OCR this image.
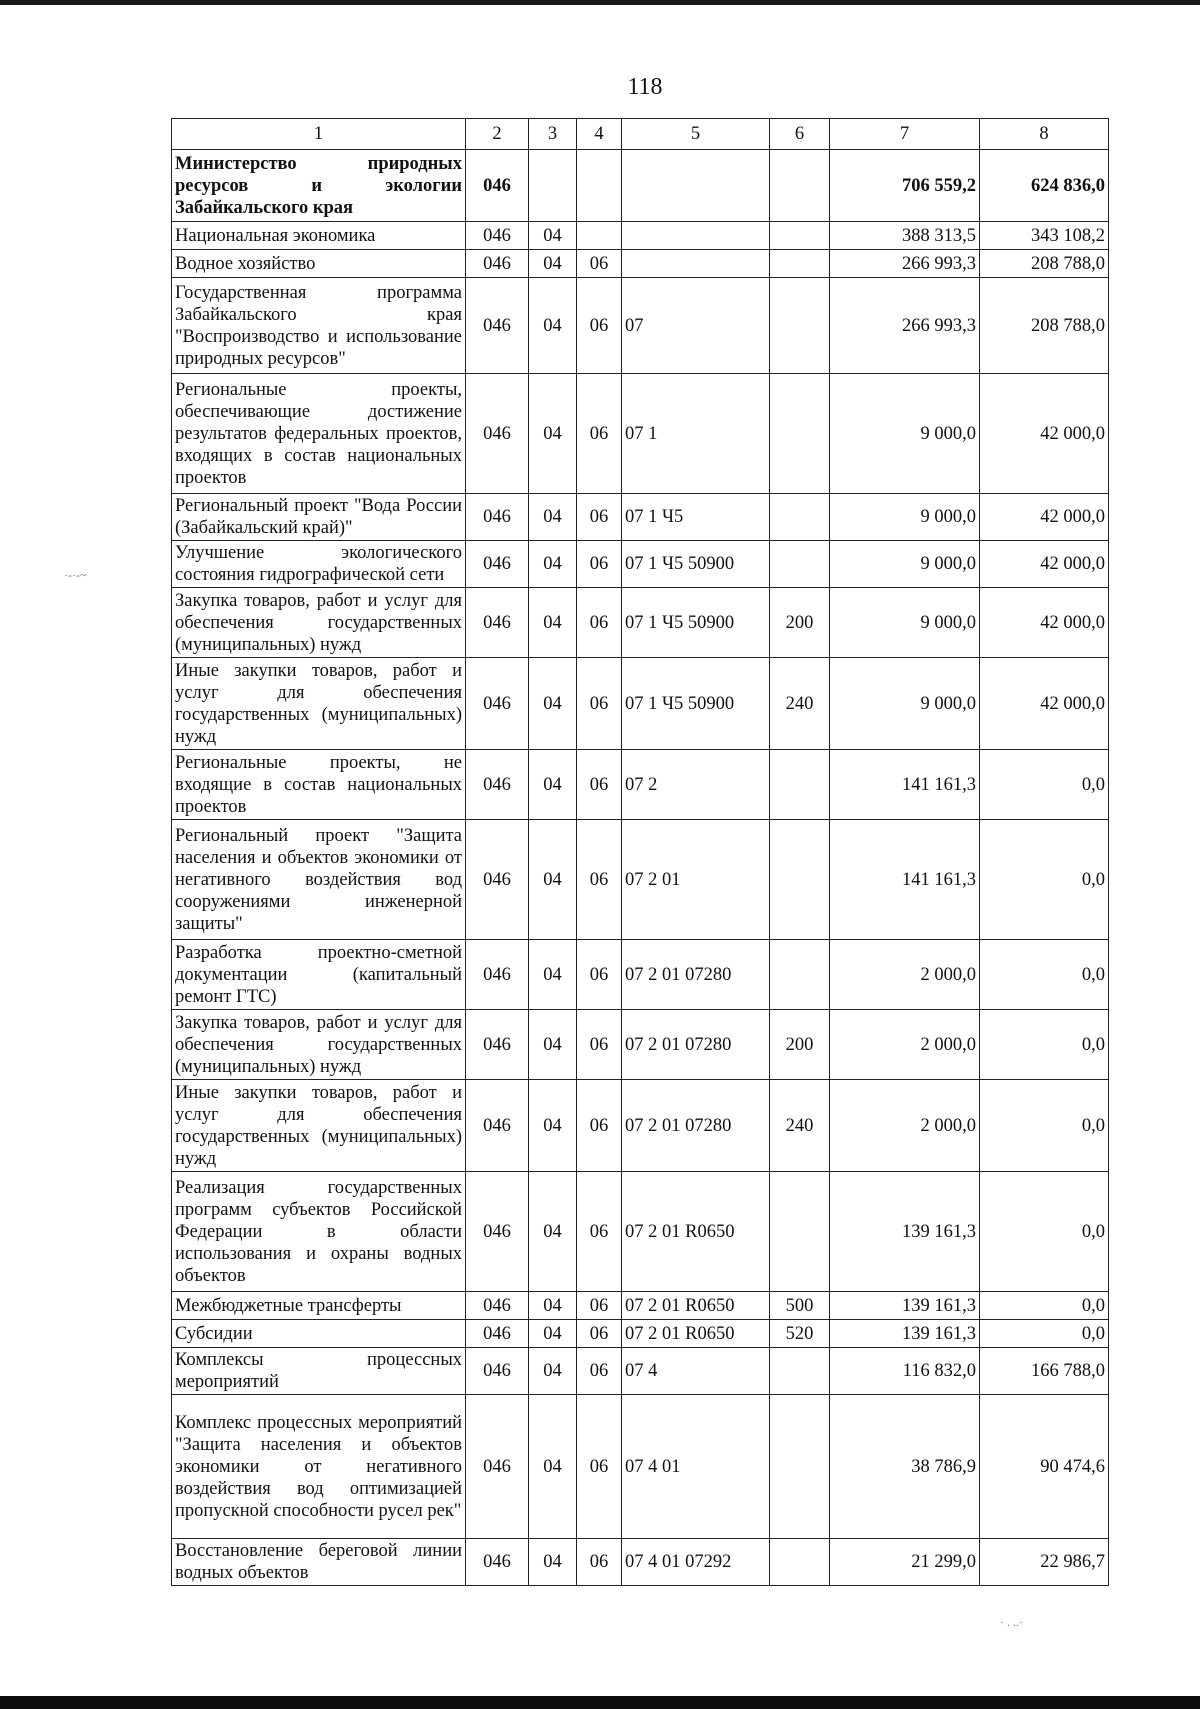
118
1	2	3	4	5	6	7	8
Министерство природных ресурсов и экологии Забайкальского края	046					706 559,2	624 836,0
Национальная экономика	046	04				388 313,5	343 108,2
Водное хозяйство	046	04	06			266 993,3	208 788,0
Государственная программа Забайкальского края "Воспроизводство и использование природных ресурсов"	046	04	06	07		266 993,3	208 788,0
Региональные проекты, обеспечивающие достижение результатов федеральных проектов, входящих в состав национальных проектов	046	04	06	07 1		9 000,0	42 000,0
Региональный проект "Вода России (Забайкальский край)"	046	04	06	07 1 Ч5		9 000,0	42 000,0
Улучшение экологического состояния гидрографической сети	046	04	06	07 1 Ч5 50900		9 000,0	42 000,0
Закупка товаров, работ и услуг для обеспечения государственных (муниципальных) нужд	046	04	06	07 1 Ч5 50900	200	9 000,0	42 000,0
Иные закупки товаров, работ и услуг для обеспечения государственных (муниципальных) нужд	046	04	06	07 1 Ч5 50900	240	9 000,0	42 000,0
Региональные проекты, не входящие в состав национальных проектов	046	04	06	07 2		141 161,3	0,0
Региональный проект "Защита населения и объектов экономики от негативного воздействия вод сооружениями инженерной защиты"	046	04	06	07 2 01		141 161,3	0,0
Разработка проектно-сметной документации (капитальный ремонт ГТС)	046	04	06	07 2 01 07280		2 000,0	0,0
Закупка товаров, работ и услуг для обеспечения государственных (муниципальных) нужд	046	04	06	07 2 01 07280	200	2 000,0	0,0
Иные закупки товаров, работ и услуг для обеспечения государственных (муниципальных) нужд	046	04	06	07 2 01 07280	240	2 000,0	0,0
Реализация государственных программ субъектов Российской Федерации в области использования и охраны водных объектов	046	04	06	07 2 01 R0650		139 161,3	0,0
Межбюджетные трансферты	046	04	06	07 2 01 R0650	500	139 161,3	0,0
Субсидии	046	04	06	07 2 01 R0650	520	139 161,3	0,0
Комплексы процессных мероприятий	046	04	06	07 4		116 832,0	166 788,0
Комплекс процессных мероприятий "Защита населения и объектов экономики от негативного воздействия вод оптимизацией пропускной способности русел рек"	046	04	06	07 4 01		38 786,9	90 474,6
Восстановление береговой линии водных объектов	046	04	06	07 4 01 07292		21 299,0	22 986,7
·-·-~
· . ..·
